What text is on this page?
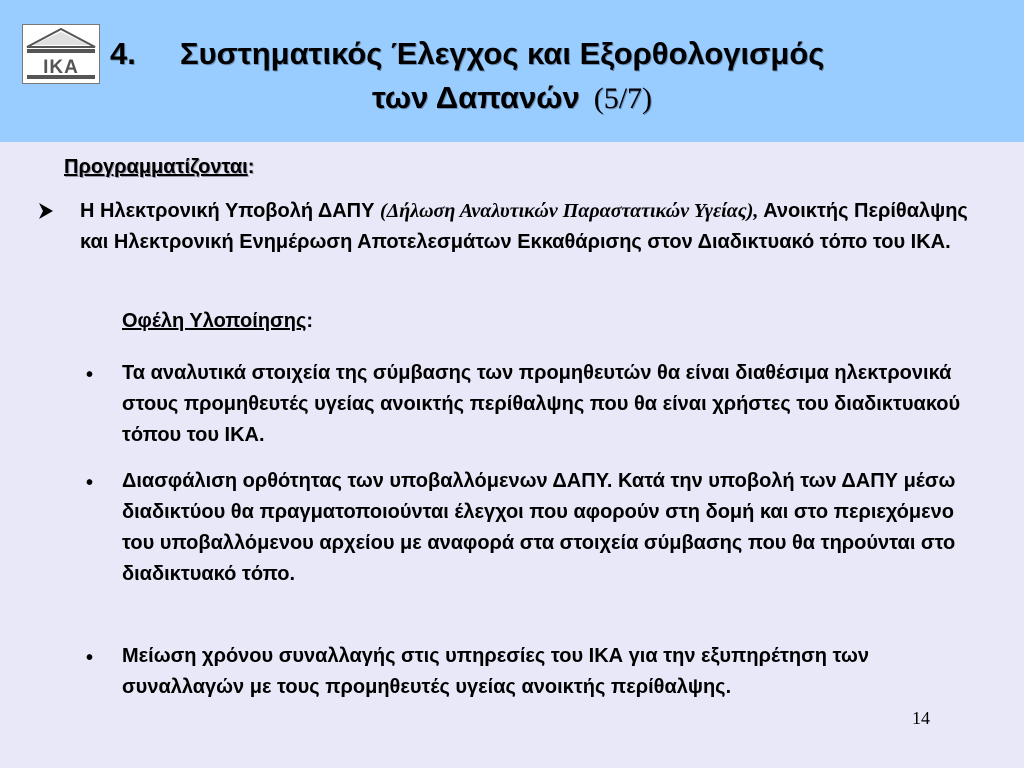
IKA	4. Συστηματικός Έλεγχος και Εξορθολογισμός
των Δαπανών (5/7)
Προγραμματίζονται:
Η Ηλεκτρονική Υποβολή ΔΑΠΥ (Δήλωση Αναλυτικών Παραστατικών Υγείας), Ανοικτής Περίθαλψης και Ηλεκτρονική Ενημέρωση Αποτελεσμάτων Εκκαθάρισης στον Διαδικτυακό τόπο του ΙΚΑ.
Οφέλη Υλοποίησης:
• Τα αναλυτικά στοιχεία της σύμβασης των προμηθευτών θα είναι διαθέσιμα ηλεκτρονικά στους προμηθευτές υγείας ανοικτής περίθαλψης που θα είναι χρήστες του διαδικτυακού τόπου του ΙΚΑ.
• Διασφάλιση ορθότητας των υποβαλλόμενων ΔΑΠΥ. Κατά την υποβολή των ΔΑΠΥ μέσω διαδικτύου θα πραγματοποιούνται έλεγχοι που αφορούν στη δομή και στο περιεχόμενο του υποβαλλόμενου αρχείου με αναφορά στα στοιχεία σύμβασης που θα τηρούνται στο διαδικτυακό τόπο.
• Μείωση χρόνου συναλλαγής στις υπηρεσίες του ΙΚΑ για την εξυπηρέτηση των συναλλαγών με τους προμηθευτές υγείας ανοικτής περίθαλψης.
14
